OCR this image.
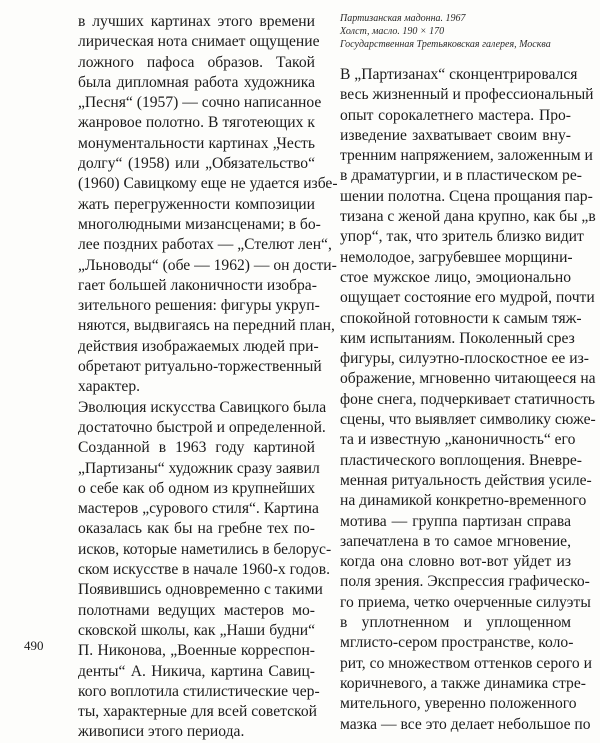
в лучших картинах этого времени
лирическая нота снимает ощущение
ложного пафоса образов. Такой
была дипломная работа художника
„Песня“ (1957) — сочно написанное
жанровое полотно. В тяготеющих к
монументальности картинах „Честь
долгу“ (1958) или „Обязательство“
(1960) Савицкому еще не удается избе-
жать перегруженности композиции
многолюдными мизансценами; в бо-
лее поздних работах — „Стелют лен“,
„Льноводы“ (обе — 1962) — он дости-
гает большей лаконичности изобра-
зительного решения: фигуры укруп-
няются, выдвигаясь на передний план,
действия изображаемых людей при-
обретают ритуально-торжественный
характер.
Эволюция искусства Савицкого была
достаточно быстрой и определенной.
Созданной в 1963 году картиной
„Партизаны“ художник сразу заявил
о себе как об одном из крупнейших
мастеров „сурового стиля“. Картина
оказалась как бы на гребне тех по-
исков, которые наметились в белорус-
ском искусстве в начале 1960-х годов.
Появившись одновременно с такими
полотнами ведущих мастеров мо-
сковской школы, как „Наши будни“
П. Никонова, „Военные корреспон-
денты“ А. Никича, картина Савиц-
кого воплотила стилистические чер-
ты, характерные для всей советской
живописи этого периода.
Партизанская мадонна. 1967
Холст, масло. 190 × 170
Государственная Третьяковская галерея, Москва
В „Партизанах“ сконцентрировался
весь жизненный и профессиональный
опыт сорокалетнего мастера. Про-
изведение захватывает своим вну-
тренним напряжением, заложенным и
в драматургии, и в пластическом ре-
шении полотна. Сцена прощания пар-
тизана с женой дана крупно, как бы „в
упор“, так, что зритель близко видит
немолодое, загрубевшее морщини-
стое мужское лицо, эмоционально
ощущает состояние его мудрой, почти
спокойной готовности к самым тяж-
ким испытаниям. Поколенный срез
фигуры, силуэтно-плоскостное ее из-
ображение, мгновенно читающееся на
фоне снега, подчеркивает статичность
сцены, что выявляет символику сюже-
та и известную „каноничность“ его
пластического воплощения. Вневре-
менная ритуальность действия усиле-
на динамикой конкретно-временного
мотива — группа партизан справа
запечатлена в то самое мгновение,
когда она словно вот-вот уйдет из
поля зрения. Экспрессия графическо-
го приема, четко очерченные силуэты
в уплотненном и уплощенном
мглисто-сером пространстве, коло-
рит, со множеством оттенков серого и
коричневого, а также динамика стре-
мительного, уверенно положенного
мазка — все это делает небольшое по
490
